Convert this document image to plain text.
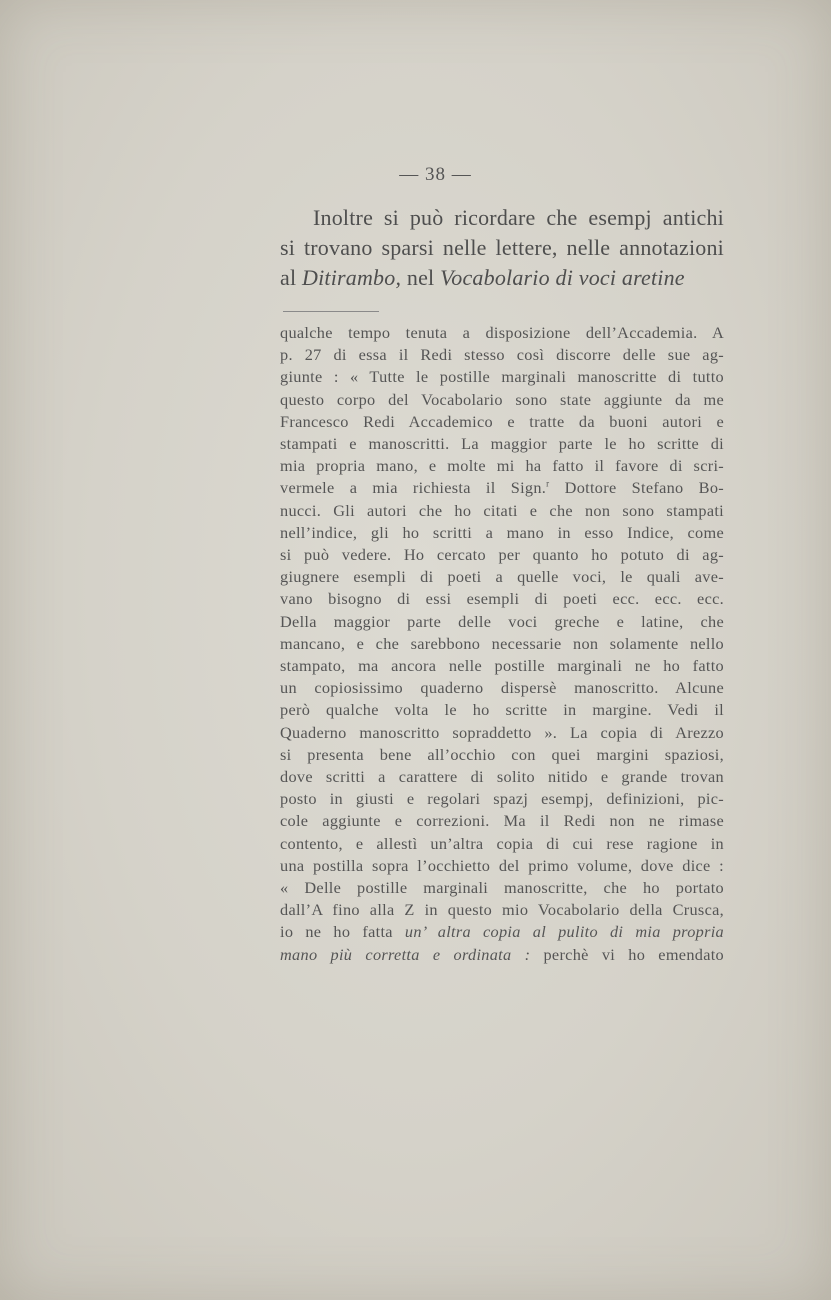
— 38 —
Inoltre si può ricordare che esempj antichi
si trovano sparsi nelle lettere, nelle annotazioni
al Ditirambo, nel Vocabolario di voci aretine
qualche tempo tenuta a disposizione dell’Accademia. A
p. 27 di essa il Redi stesso così discorre delle sue ag-
giunte : « Tutte le postille marginali manoscritte di tutto
questo corpo del Vocabolario sono state aggiunte da me
Francesco Redi Accademico e tratte da buoni autori e
stampati e manoscritti. La maggior parte le ho scritte di
mia propria mano, e molte mi ha fatto il favore di scri-
vermele a mia richiesta il Sign.$^r$ Dottore Stefano Bo-
nucci. Gli autori che ho citati e che non sono stampati
nell’indice, gli ho scritti a mano in esso Indice, come
si può vedere. Ho cercato per quanto ho potuto di ag-
giugnere esempli di poeti a quelle voci, le quali ave-
vano bisogno di essi esempli di poeti ecc. ecc. ecc.
Della maggior parte delle voci greche e latine, che
mancano, e che sarebbono necessarie non solamente nello
stampato, ma ancora nelle postille marginali ne ho fatto
un copiosissimo quaderno dispersè manoscritto. Alcune
però qualche volta le ho scritte in margine. Vedi il
Quaderno manoscritto sopraddetto ». La copia di Arezzo
si presenta bene all’occhio con quei margini spaziosi,
dove scritti a carattere di solito nitido e grande trovan
posto in giusti e regolari spazj esempj, definizioni, pic-
cole aggiunte e correzioni. Ma il Redi non ne rimase
contento, e allestì un’altra copia di cui rese ragione in
una postilla sopra l’occhietto del primo volume, dove dice :
« Delle postille marginali manoscritte, che ho portato
dall’A fino alla Z in questo mio Vocabolario della Crusca,
io ne ho fatta un’ altra copia al pulito di mia propria
mano più corretta e ordinata : perchè vi ho emendato
